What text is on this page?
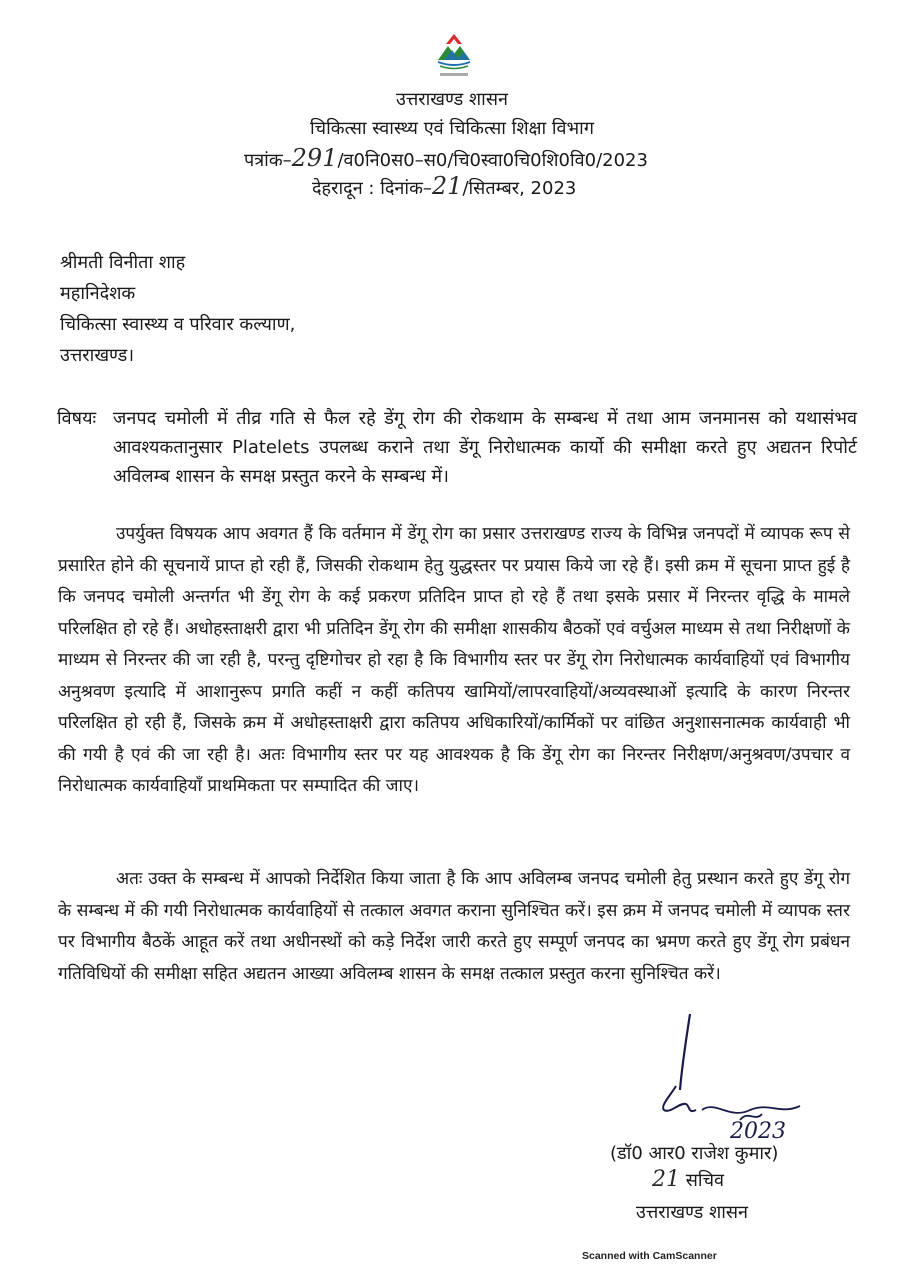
उत्तराखण्ड शासन
चिकित्सा स्वास्थ्य एवं चिकित्सा शिक्षा विभाग
पत्रांक–291/व0नि0स0–स0/चि0स्वा0चि0शि0वि0/2023
देहरादून : दिनांक–21/सितम्बर, 2023
श्रीमती विनीता शाह
महानिदेशक
चिकित्सा स्वास्थ्य व परिवार कल्याण,
उत्तराखण्ड।
विषयः जनपद चमोली में तीव्र गति से फैल रहे डेंगू रोग की रोकथाम के सम्बन्ध में तथा आम जनमानस को यथासंभव आवश्यकतानुसार Platelets उपलब्ध कराने तथा डेंगू निरोधात्मक कार्यो की समीक्षा करते हुए अद्यतन रिपोर्ट अविलम्ब शासन के समक्ष प्रस्तुत करने के सम्बन्ध में।
उपर्युक्त विषयक आप अवगत हैं कि वर्तमान में डेंगू रोग का प्रसार उत्तराखण्ड राज्य के विभिन्न जनपदों में व्यापक रूप से प्रसारित होने की सूचनायें प्राप्त हो रही हैं, जिसकी रोकथाम हेतु युद्धस्तर पर प्रयास किये जा रहे हैं। इसी क्रम में सूचना प्राप्त हुई है कि जनपद चमोली अन्तर्गत भी डेंगू रोग के कई प्रकरण प्रतिदिन प्राप्त हो रहे हैं तथा इसके प्रसार में निरन्तर वृद्धि के मामले परिलक्षित हो रहे हैं। अधोहस्ताक्षरी द्वारा भी प्रतिदिन डेंगू रोग की समीक्षा शासकीय बैठकों एवं वर्चुअल माध्यम से तथा निरीक्षणों के माध्यम से निरन्तर की जा रही है, परन्तु दृष्टिगोचर हो रहा है कि विभागीय स्तर पर डेंगू रोग निरोधात्मक कार्यवाहियों एवं विभागीय अनुश्रवण इत्यादि में आशानुरूप प्रगति कहीं न कहीं कतिपय खामियों/लापरवाहियों/अव्यवस्थाओं इत्यादि के कारण निरन्तर परिलक्षित हो रही हैं, जिसके क्रम में अधोहस्ताक्षरी द्वारा कतिपय अधिकारियों/कार्मिकों पर वांछित अनुशासनात्मक कार्यवाही भी की गयी है एवं की जा रही है। अतः विभागीय स्तर पर यह आवश्यक है कि डेंगू रोग का निरन्तर निरीक्षण/अनुश्रवण/उपचार व निरोधात्मक कार्यवाहियाँ प्राथमिकता पर सम्पादित की जाए।
अतः उक्त के सम्बन्ध में आपको निर्देशित किया जाता है कि आप अविलम्ब जनपद चमोली हेतु प्रस्थान करते हुए डेंगू रोग के सम्बन्ध में की गयी निरोधात्मक कार्यवाहियों से तत्काल अवगत कराना सुनिश्चित करें। इस क्रम में जनपद चमोली में व्यापक स्तर पर विभागीय बैठकें आहूत करें तथा अधीनस्थों को कड़े निर्देश जारी करते हुए सम्पूर्ण जनपद का भ्रमण करते हुए डेंगू रोग प्रबंधन गतिविधियों की समीक्षा सहित अद्यतन आख्या अविलम्ब शासन के समक्ष तत्काल प्रस्तुत करना सुनिश्चित करें।
2023
(डॉ0 आर0 राजेश कुमार)
21 सचिव
उत्तराखण्ड शासन
Scanned with CamScanner
